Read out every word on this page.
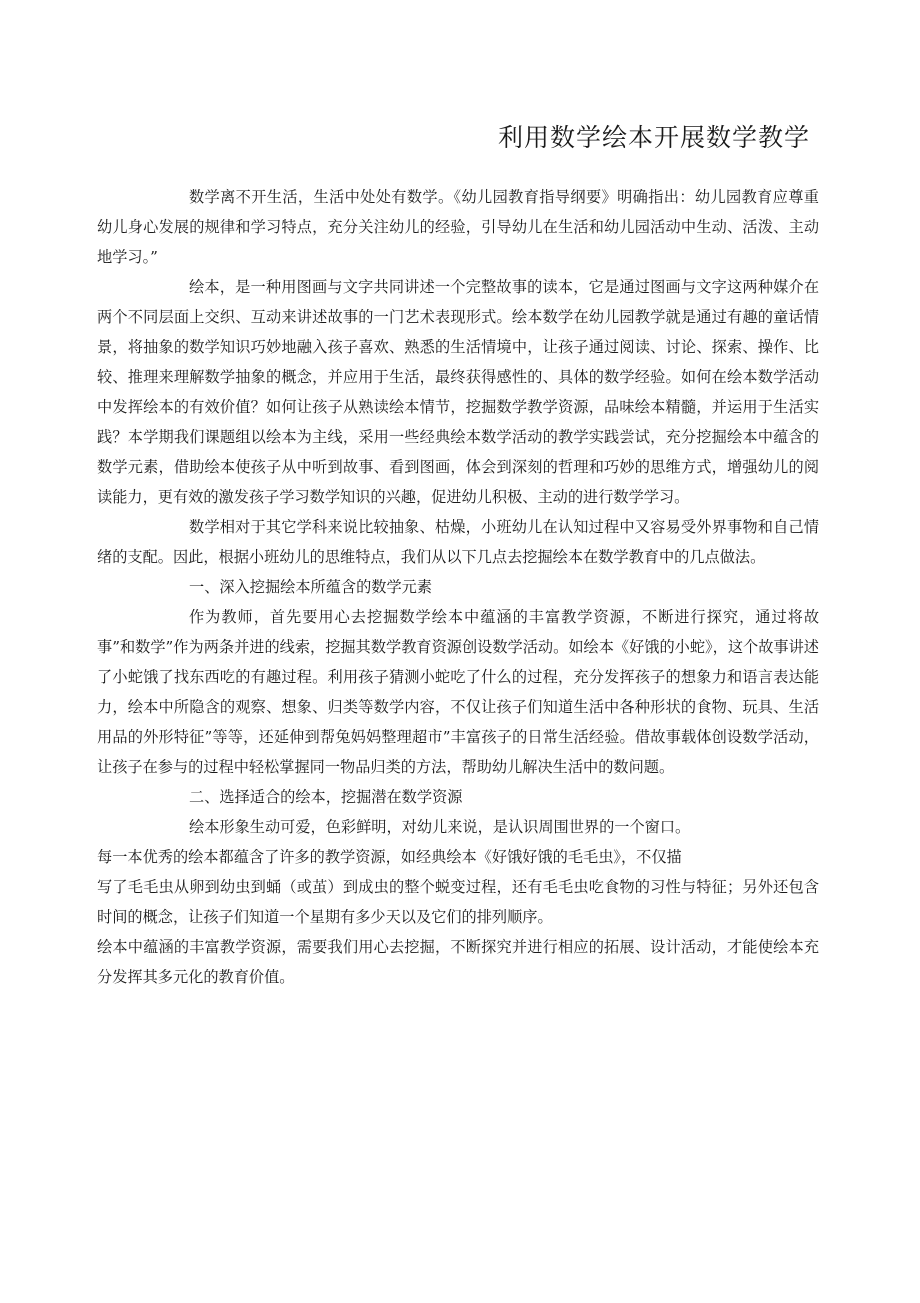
利用数学绘本开展数学教学

数学离不开生活，生活中处处有数学。《幼儿园教育指导纲要》明确指出：幼儿园教育应尊重幼儿身心发展的规律和学习特点，充分关注幼儿的经验，引导幼儿在生活和幼儿园活动中生动、活泼、主动地学习。”

绘本，是一种用图画与文字共同讲述一个完整故事的读本，它是通过图画与文字这两种媒介在两个不同层面上交织、互动来讲述故事的一门艺术表现形式。绘本数学在幼儿园教学就是通过有趣的童话情景，将抽象的数学知识巧妙地融入孩子喜欢、熟悉的生活情境中，让孩子通过阅读、讨论、探索、操作、比较、推理来理解数学抽象的概念，并应用于生活，最终获得感性的、具体的数学经验。如何在绘本数学活动中发挥绘本的有效价值？如何让孩子从熟读绘本情节，挖掘数学教学资源，品味绘本精髓，并运用于生活实践？本学期我们课题组以绘本为主线，采用一些经典绘本数学活动的教学实践尝试，充分挖掘绘本中蕴含的数学元素，借助绘本使孩子从中听到故事、看到图画，体会到深刻的哲理和巧妙的思维方式，增强幼儿的阅读能力，更有效的激发孩子学习数学知识的兴趣，促进幼儿积极、主动的进行数学学习。

数学相对于其它学科来说比较抽象、枯燥，小班幼儿在认知过程中又容易受外界事物和自己情绪的支配。因此，根据小班幼儿的思维特点，我们从以下几点去挖掘绘本在数学教育中的几点做法。

一、深入挖掘绘本所蕴含的数学元素

作为教师，首先要用心去挖掘数学绘本中蕴涵的丰富教学资源，不断进行探究，通过将故事”和数学”作为两条并进的线索，挖掘其数学教育资源创设数学活动。如绘本《好饿的小蛇》，这个故事讲述了小蛇饿了找东西吃的有趣过程。利用孩子猜测小蛇吃了什么的过程，充分发挥孩子的想象力和语言表达能力，绘本中所隐含的观察、想象、归类等数学内容，不仅让孩子们知道生活中各种形状的食物、玩具、生活用品的外形特征”等等，还延伸到帮兔妈妈整理超市”丰富孩子的日常生活经验。借故事载体创设数学活动，让孩子在参与的过程中轻松掌握同一物品归类的方法，帮助幼儿解决生活中的数问题。

二、选择适合的绘本，挖掘潜在数学资源

绘本形象生动可爱，色彩鲜明，对幼儿来说，是认识周围世界的一个窗口。

每一本优秀的绘本都蕴含了许多的教学资源，如经典绘本《好饿好饿的毛毛虫》，不仅描

写了毛毛虫从卵到幼虫到蛹（或茧）到成虫的整个蜕变过程，还有毛毛虫吃食物的习性与特征；另外还包含时间的概念，让孩子们知道一个星期有多少天以及它们的排列顺序。

绘本中蕴涵的丰富教学资源，需要我们用心去挖掘，不断探究并进行相应的拓展、设计活动，才能使绘本充分发挥其多元化的教育价值。
